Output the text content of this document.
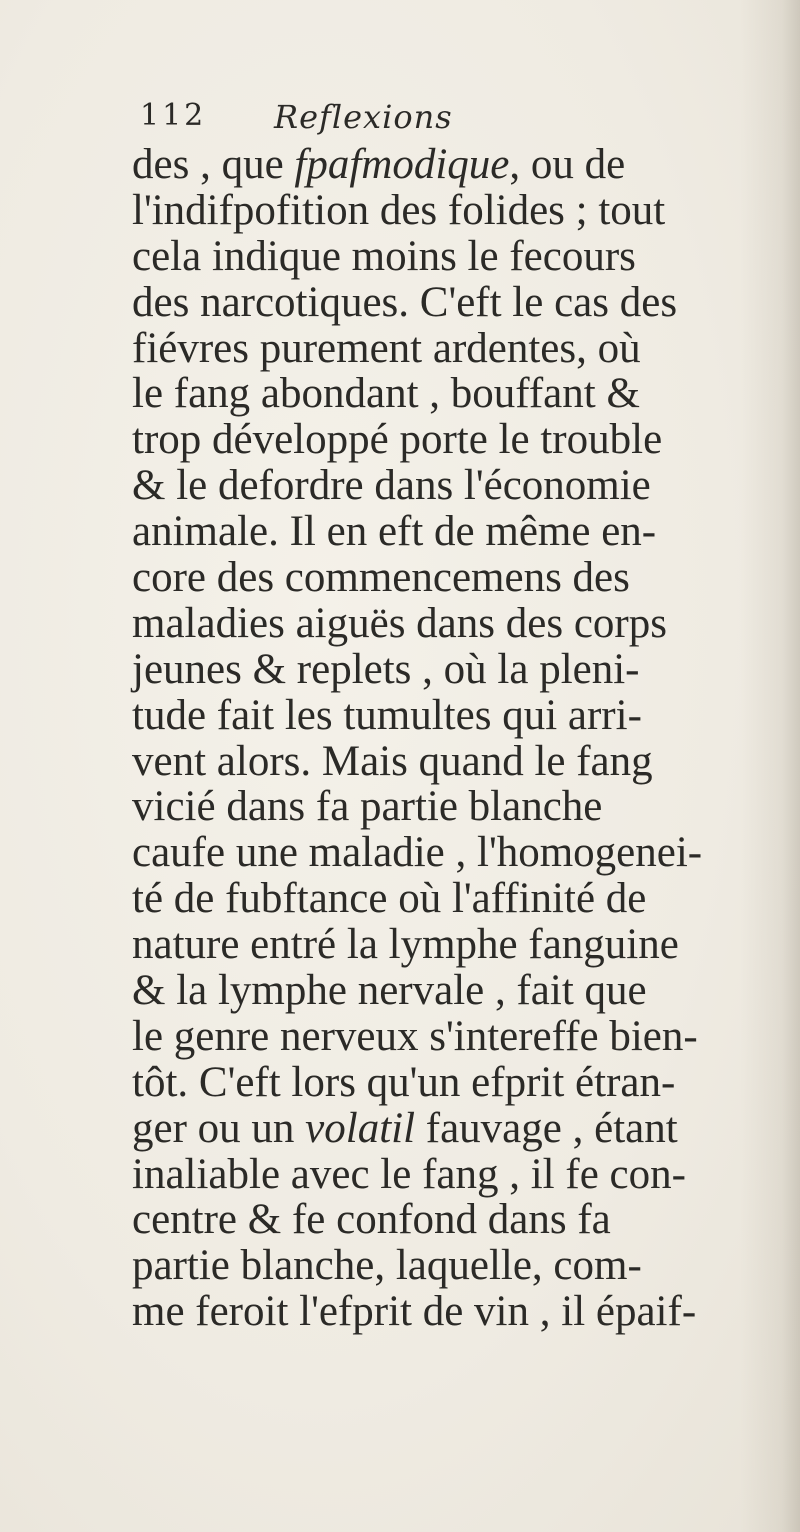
112 Reflexions
des , que fpafmodique, ou de
l'indifpofition des folides ; tout
cela indique moins le fecours
des narcotiques. C'eft le cas des
fiévres purement ardentes, où
le fang abondant , bouffant &
trop développé porte le trouble
& le defordre dans l'économie
animale. Il en eft de même en-
core des commencemens des
maladies aiguës dans des corps
jeunes & replets , où la pleni-
tude fait les tumultes qui arri-
vent alors. Mais quand le fang
vicié dans fa partie blanche
caufe une maladie , l'homogenei-
té de fubftance où l'affinité de
nature entré la lymphe fanguine
& la lymphe nervale , fait que
le genre nerveux s'intereffe bien-
tôt. C'eft lors qu'un efprit étran-
ger ou un volatil fauvage , étant
inaliable avec le fang , il fe con-
centre & fe confond dans fa
partie blanche, laquelle, com-
me feroit l'efprit de vin , il épaif-
